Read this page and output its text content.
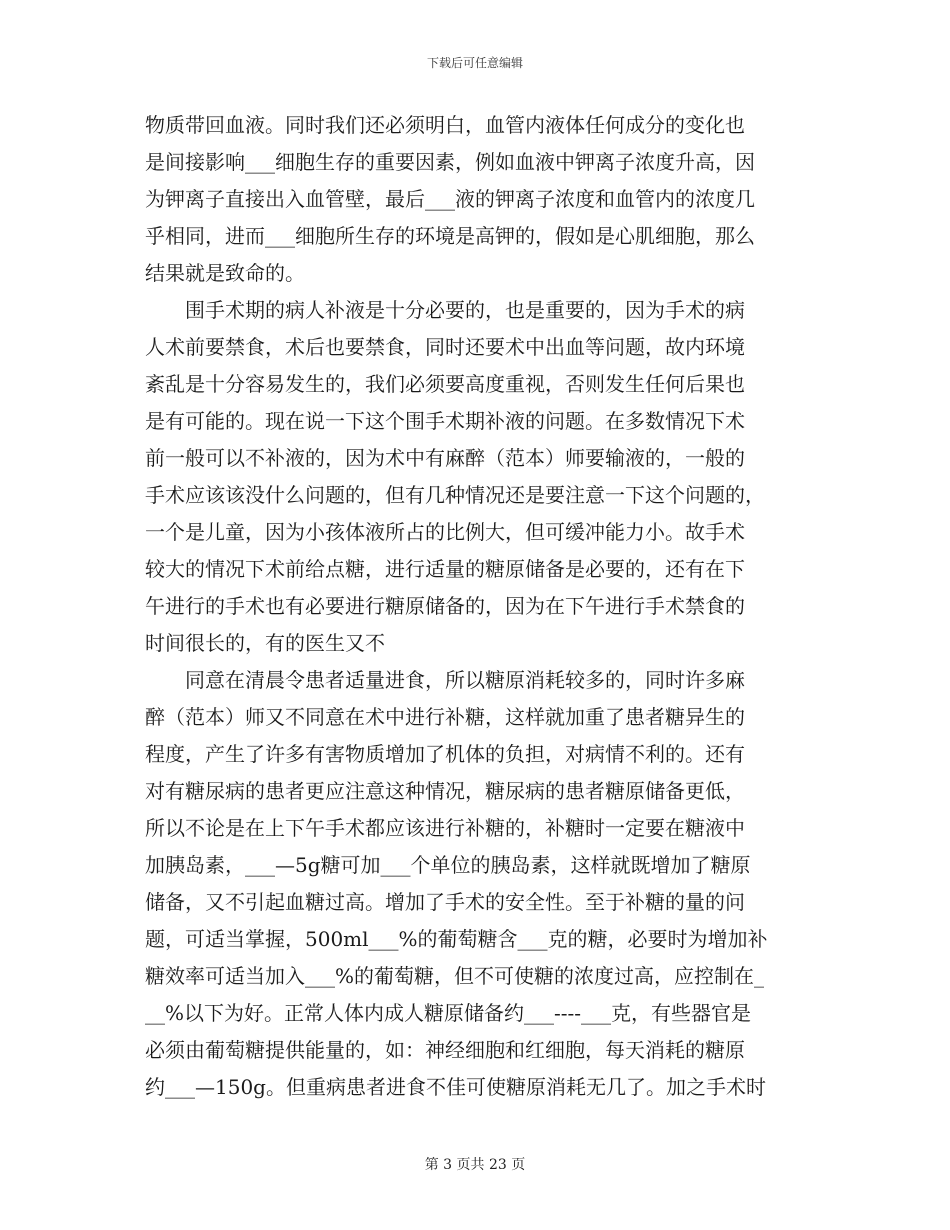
下载后可任意编辑
物质带回血液。同时我们还必须明白，血管内液体任何成分的变化也
是间接影响___细胞生存的重要因素，例如血液中钾离子浓度升高，因
为钾离子直接出入血管壁，最后___液的钾离子浓度和血管内的浓度几
乎相同，进而___细胞所生存的环境是高钾的，假如是心肌细胞，那么
结果就是致命的。
　　围手术期的病人补液是十分必要的，也是重要的，因为手术的病
人术前要禁食，术后也要禁食，同时还要术中出血等问题，故内环境
紊乱是十分容易发生的，我们必须要高度重视，否则发生任何后果也
是有可能的。现在说一下这个围手术期补液的问题。在多数情况下术
前一般可以不补液的，因为术中有麻醉（范本）师要输液的，一般的
手术应该该没什么问题的，但有几种情况还是要注意一下这个问题的，
一个是儿童，因为小孩体液所占的比例大，但可缓冲能力小。故手术
较大的情况下术前给点糖，进行适量的糖原储备是必要的，还有在下
午进行的手术也有必要进行糖原储备的，因为在下午进行手术禁食的
时间很长的，有的医生又不
　　同意在清晨令患者适量进食，所以糖原消耗较多的，同时许多麻
醉（范本）师又不同意在术中进行补糖，这样就加重了患者糖异生的
程度，产生了许多有害物质增加了机体的负担，对病情不利的。还有
对有糖尿病的患者更应注意这种情况，糖尿病的患者糖原储备更低，
所以不论是在上下午手术都应该进行补糖的，补糖时一定要在糖液中
加胰岛素，___—5g糖可加___个单位的胰岛素，这样就既增加了糖原
储备，又不引起血糖过高。增加了手术的安全性。至于补糖的量的问
题，可适当掌握，500ml___%的葡萄糖含___克的糖，必要时为增加补
糖效率可适当加入___%的葡萄糖，但不可使糖的浓度过高，应控制在_
__%以下为好。正常人体内成人糖原储备约___----___克，有些器官是
必须由葡萄糖提供能量的，如：神经细胞和红细胞，每天消耗的糖原
约___—150g。但重病患者进食不佳可使糖原消耗无几了。加之手术时
第 3 页共 23 页
